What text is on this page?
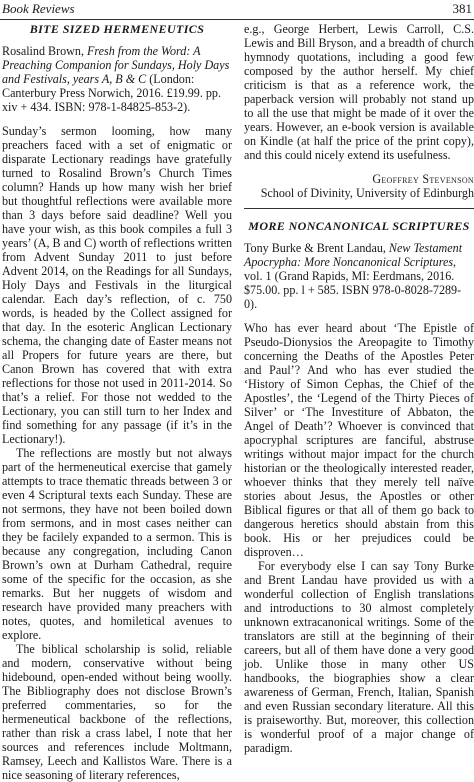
Book Reviews	381
BITE SIZED HERMENEUTICS
Rosalind Brown, Fresh from the Word: A Preaching Companion for Sundays, Holy Days and Festivals, years A, B & C (London: Canterbury Press Norwich, 2016. £19.99. pp. xiv + 434. ISBN: 978-1-84825-853-2).

Sunday’s sermon looming, how many preachers faced with a set of enigmatic or disparate Lectionary readings have gratefully turned to Rosalind Brown’s Church Times column? Hands up how many wish her brief but thoughtful reflections were available more than 3 days before said deadline? Well you have your wish, as this book compiles a full 3 years’ (A, B and C) worth of reflections written from Advent Sunday 2011 to just before Advent 2014, on the Readings for all Sundays, Holy Days and Festivals in the liturgical calendar. Each day’s reflection, of c. 750 words, is headed by the Collect assigned for that day. In the esoteric Anglican Lectionary schema, the changing date of Easter means not all Propers for future years are there, but Canon Brown has covered that with extra reflections for those not used in 2011-2014. So that’s a relief. For those not wedded to the Lectionary, you can still turn to her Index and find something for any passage (if it’s in the Lectionary!).

The reflections are mostly but not always part of the hermeneutical exercise that gamely attempts to trace thematic threads between 3 or even 4 Scriptural texts each Sunday. These are not sermons, they have not been boiled down from sermons, and in most cases neither can they be facilely expanded to a sermon. This is because any congregation, including Canon Brown’s own at Durham Cathedral, require some of the specific for the occasion, as she remarks. But her nuggets of wisdom and research have provided many preachers with notes, quotes, and homiletical avenues to explore.

The biblical scholarship is solid, reliable and modern, conservative without being hidebound, open-ended without being woolly. The Bibliography does not disclose Brown’s preferred commentaries, so for the hermeneutical backbone of the reflections, rather than risk a crass label, I note that her sources and references include Moltmann, Ramsey, Leech and Kallistos Ware. There is a nice seasoning of literary references,

e.g., George Herbert, Lewis Carroll, C.S. Lewis and Bill Bryson, and a breadth of church hymnody quotations, including a good few composed by the author herself. My chief criticism is that as a reference work, the paperback version will probably not stand up to all the use that might be made of it over the years. However, an e-book version is available on Kindle (at half the price of the print copy), and this could nicely extend its usefulness.

Geoffrey Stevenson
School of Divinity, University of Edinburgh
MORE NONCANONICAL SCRIPTURES
Tony Burke & Brent Landau, New Testament Apocrypha: More Noncanonical Scriptures, vol. 1 (Grand Rapids, MI: Eerdmans, 2016. $75.00. pp. l + 585. ISBN 978-0-8028-7289-0).

Who has ever heard about ‘The Epistle of Pseudo-Dionysios the Areopagite to Timothy concerning the Deaths of the Apostles Peter and Paul’? And who has ever studied the ‘History of Simon Cephas, the Chief of the Apostles’, the ‘Legend of the Thirty Pieces of Silver’ or ‘The Investiture of Abbaton, the Angel of Death’? Whoever is convinced that apocryphal scriptures are fanciful, abstruse writings without major impact for the church historian or the theologically interested reader, whoever thinks that they merely tell naïve stories about Jesus, the Apostles or other Biblical figures or that all of them go back to dangerous heretics should abstain from this book. His or her prejudices could be disproven…

For everybody else I can say Tony Burke and Brent Landau have provided us with a wonderful collection of English translations and introductions to 30 almost completely unknown extracanonical writings. Some of the translators are still at the beginning of their careers, but all of them have done a very good job. Unlike those in many other US handbooks, the biographies show a clear awareness of German, French, Italian, Spanish and even Russian secondary literature. All this is praiseworthy. But, moreover, this collection is wonderful proof of a major change of paradigm.
